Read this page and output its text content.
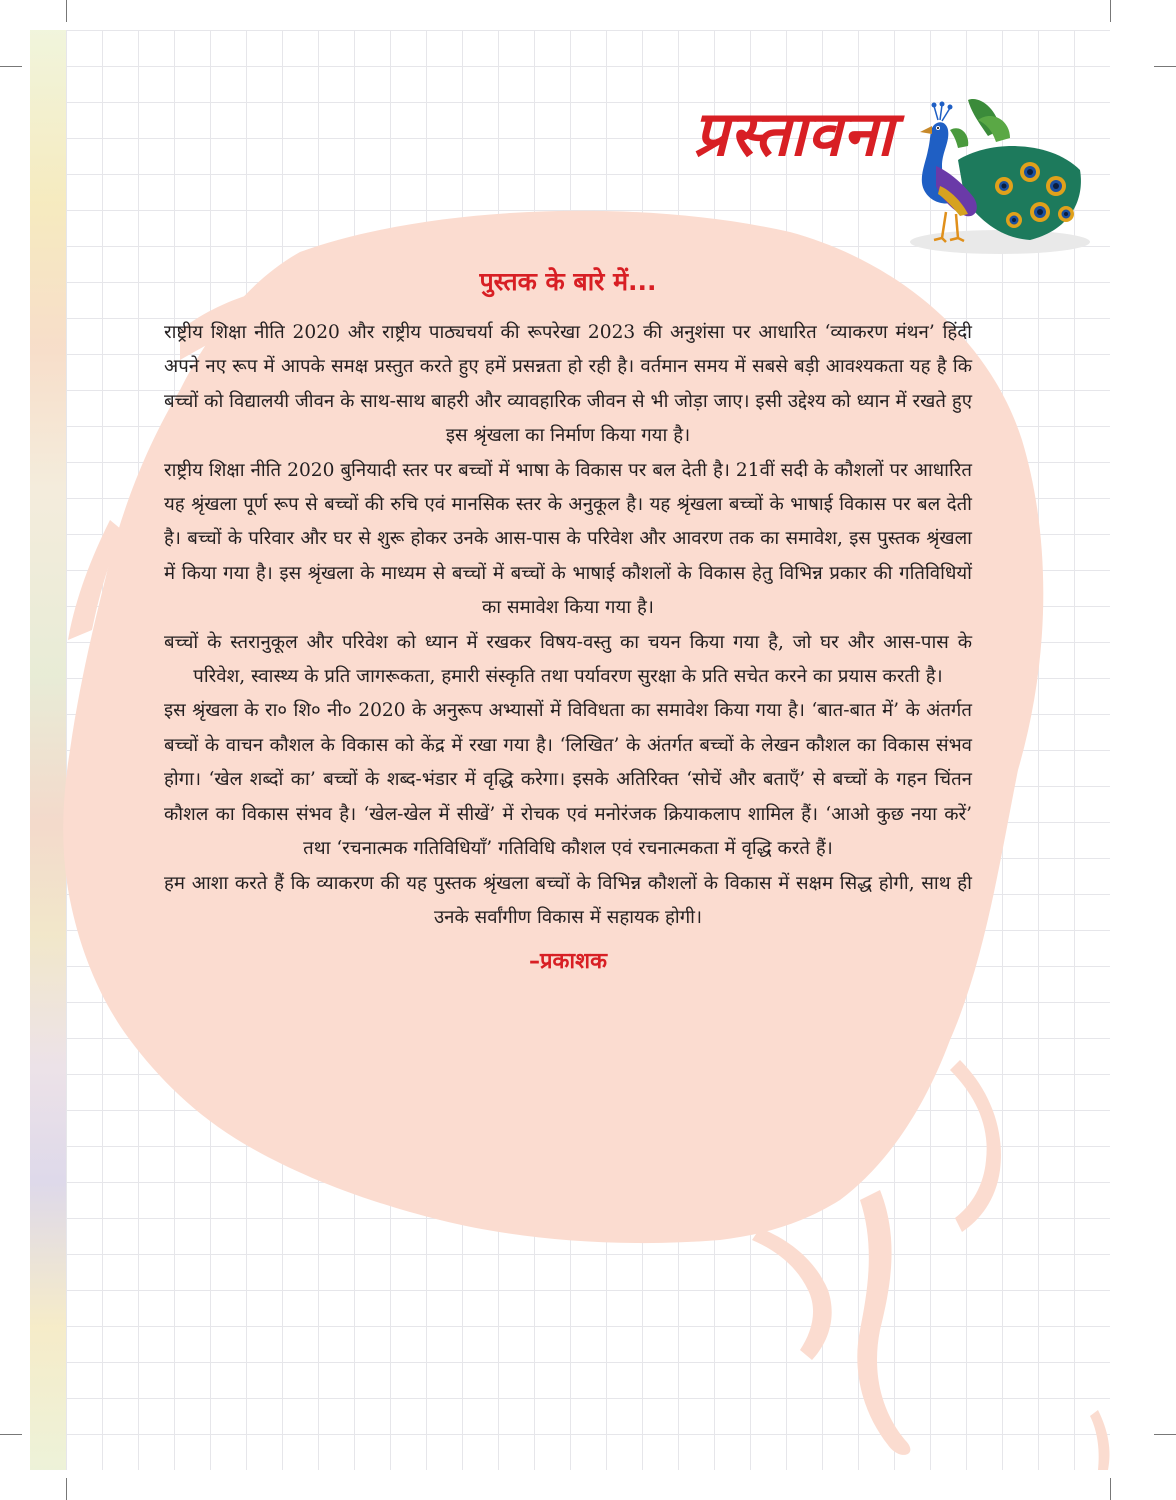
प्रस्तावना
पुस्तक के बारे में...

राष्ट्रीय शिक्षा नीति 2020 और राष्ट्रीय पाठ्यचर्या की रूपरेखा 2023 की अनुशंसा पर आधारित ‘व्याकरण मंथन’ हिंदी अपने नए रूप में आपके समक्ष प्रस्तुत करते हुए हमें प्रसन्नता हो रही है। वर्तमान समय में सबसे बड़ी आवश्यकता यह है कि बच्चों को विद्यालयी जीवन के साथ-साथ बाहरी और व्यावहारिक जीवन से भी जोड़ा जाए। इसी उद्देश्य को ध्यान में रखते हुए इस श्रृंखला का निर्माण किया गया है।

राष्ट्रीय शिक्षा नीति 2020 बुनियादी स्तर पर बच्चों में भाषा के विकास पर बल देती है। 21वीं सदी के कौशलों पर आधारित यह श्रृंखला पूर्ण रूप से बच्चों की रुचि एवं मानसिक स्तर के अनुकूल है। यह श्रृंखला बच्चों के भाषाई विकास पर बल देती है। बच्चों के परिवार और घर से शुरू होकर उनके आस-पास के परिवेश और आवरण तक का समावेश, इस पुस्तक श्रृंखला में किया गया है। इस श्रृंखला के माध्यम से बच्चों में बच्चों के भाषाई कौशलों के विकास हेतु विभिन्न प्रकार की गतिविधियों का समावेश किया गया है।

बच्चों के स्तरानुकूल और परिवेश को ध्यान में रखकर विषय-वस्तु का चयन किया गया है, जो घर और आस-पास के परिवेश, स्वास्थ्य के प्रति जागरूकता, हमारी संस्कृति तथा पर्यावरण सुरक्षा के प्रति सचेत करने का प्रयास करती है।

इस श्रृंखला के रा० शि० नी० 2020 के अनुरूप अभ्यासों में विविधता का समावेश किया गया है। ‘बात-बात में’ के अंतर्गत बच्चों के वाचन कौशल के विकास को केंद्र में रखा गया है। ‘लिखित’ के अंतर्गत बच्चों के लेखन कौशल का विकास संभव होगा। ‘खेल शब्दों का’ बच्चों के शब्द-भंडार में वृद्धि करेगा। इसके अतिरिक्त ‘सोचें और बताएँ’ से बच्चों के गहन चिंतन कौशल का विकास संभव है। ‘खेल-खेल में सीखें’ में रोचक एवं मनोरंजक क्रियाकलाप शामिल हैं। ‘आओ कुछ नया करें’ तथा ‘रचनात्मक गतिविधियाँ’ गतिविधि कौशल एवं रचनात्मकता में वृद्धि करते हैं।

हम आशा करते हैं कि व्याकरण की यह पुस्तक श्रृंखला बच्चों के विभिन्न कौशलों के विकास में सक्षम सिद्ध होगी, साथ ही उनके सर्वांगीण विकास में सहायक होगी।

–प्रकाशक
